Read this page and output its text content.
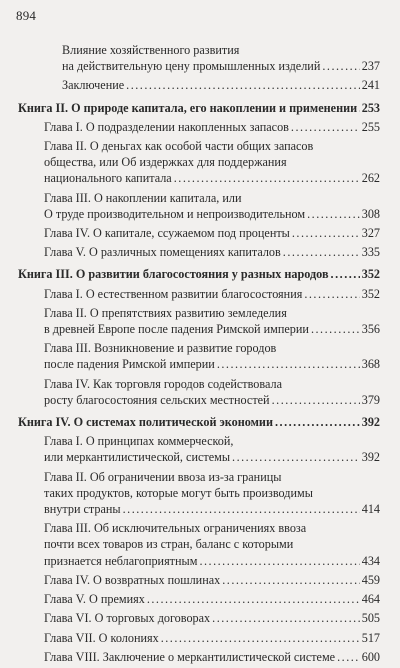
894
Влияние хозяйственного развития
на действительную цену промышленных изделий .....	237
Заключение .....	241
Книга II. О природе капитала, его накоплении и применении ..... 253
Глава I. О подразделении накопленных запасов .....	255
Глава II. О деньгах как особой части общих запасов
общества, или Об издержках для поддержания
национального капитала .....	262
Глава III. О накоплении капитала, или
О труде производительном и непроизводительном .....	308
Глава IV. О капитале, ссужаемом под проценты .....	327
Глава V. О различных помещениях капиталов .....	335
Книга III. О развитии благосостояния у разных народов .....	352
Глава I. О естественном развитии благосостояния .....	352
Глава II. О препятствиях развитию земледелия
в древней Европе после падения Римской империи .....	356
Глава III. Возникновение и развитие городов
после падения Римской империи .....	368
Глава IV. Как торговля городов содействовала
росту благосостояния сельских местностей .....	379
Книга IV. О системах политической экономии .....	392
Глава I. О принципах коммерческой,
или меркантилистической, системы .....	392
Глава II. Об ограничении ввоза из-за границы
таких продуктов, которые могут быть производимы
внутри страны .....	414
Глава III. Об исключительных ограничениях ввоза
почти всех товаров из стран, баланс с которыми
признается неблагоприятным .....	434
Глава IV. О возвратных пошлинах .....	459
Глава V. О премиях .....	464
Глава VI. О торговых договорах .....	505
Глава VII. О колониях .....	517
Глава VIII. Заключение о меркантилистической системе ..... 600
